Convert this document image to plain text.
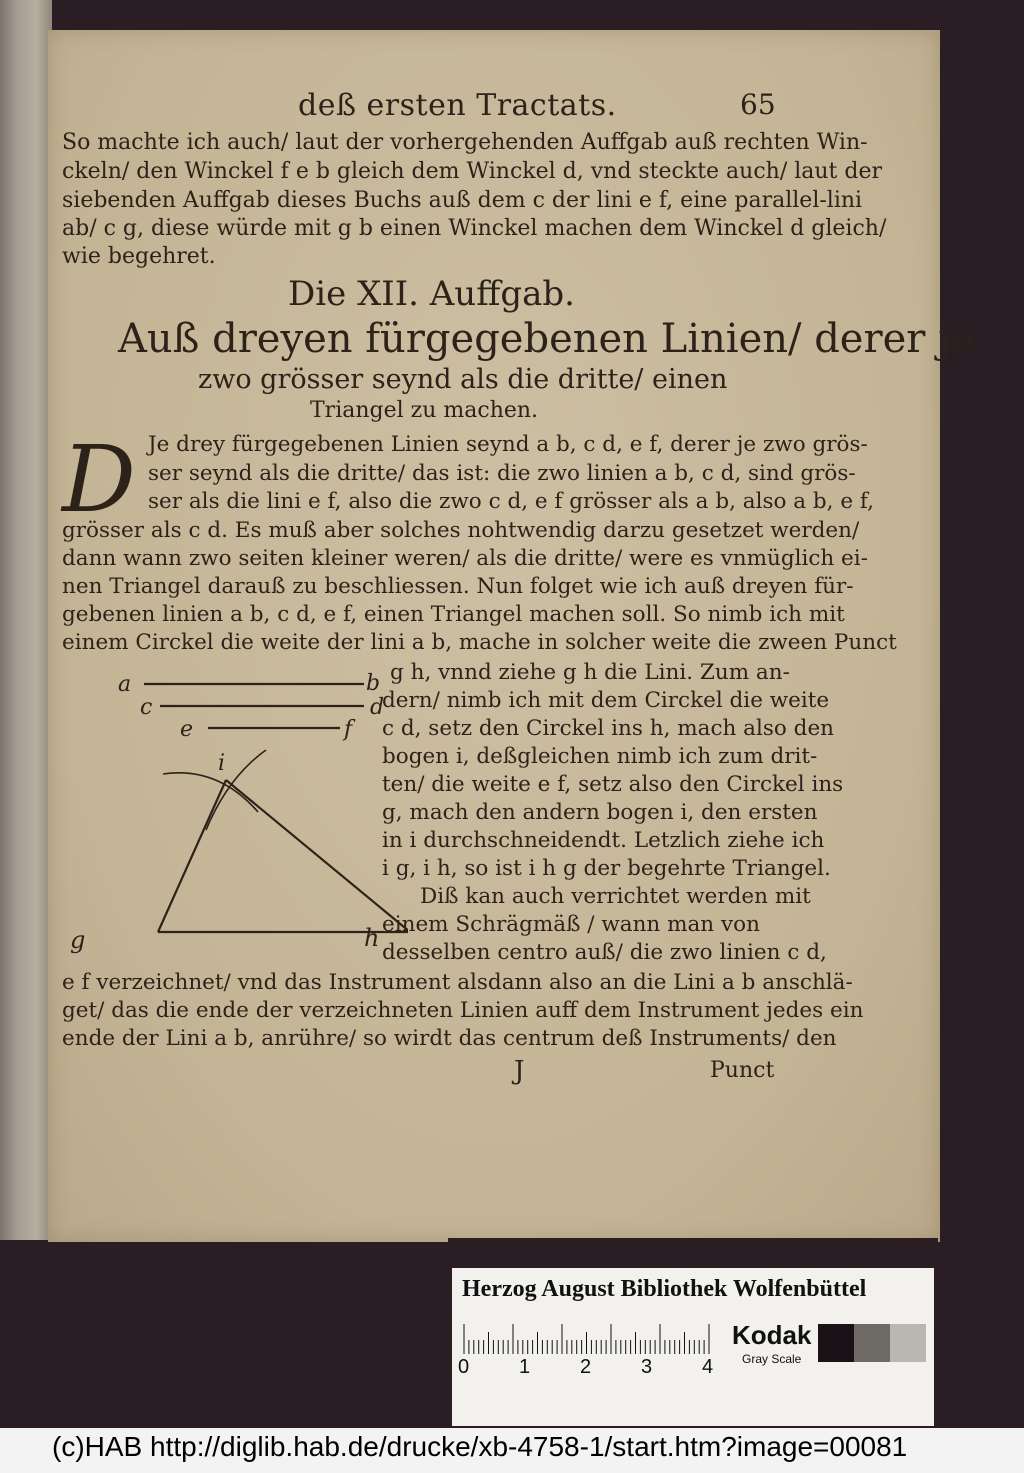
deß ersten Tractats.	65
So machte ich auch/ laut der vorhergehenden Auffgab auß rechten Win-
ckeln/ den Winckel f e b gleich dem Winckel d, vnd steckte auch/ laut der
siebenden Auffgab dieses Buchs auß dem c der lini e f, eine parallel-lini
ab/ c g, diese würde mit g b einen Winckel machen dem Winckel d gleich/
wie begehret.
Die XII. Auffgab.
Auß dreyen fürgegebenen Linien/ derer je
zwo grösser seynd als die dritte/ einen
Triangel zu machen.
D Je drey fürgegebenen Linien seynd a b, c d, e f, derer je zwo grös-
ser seynd als die dritte/ das ist: die zwo linien a b, c d, sind grös-
ser als die lini e f, also die zwo c d, e f grösser als a b, also a b, e f,
grösser als c d. Es muß aber solches nohtwendig darzu gesetzet werden/
dann wann zwo seiten kleiner weren/ als die dritte/ were es vnmüglich ei-
nen Triangel darauß zu beschliessen. Nun folget wie ich auß dreyen für-
gebenen linien a b, c d, e f, einen Triangel machen soll. So nimb ich mit
einem Circkel die weite der lini a b, mache in solcher weite die zween Punct
g h, vnnd ziehe g h die Lini. Zum an-
dern/ nimb ich mit dem Circkel die weite
c d, setz den Circkel ins h, mach also den
bogen i, deßgleichen nimb ich zum drit-
ten/ die weite e f, setz also den Circkel ins
g, mach den andern bogen i, den ersten
in i durchschneidendt. Letzlich ziehe ich
i g, i h, so ist i h g der begehrte Triangel.
Diß kan auch verrichtet werden mit
einem Schrägmäß / wann man von
desselben centro auß/ die zwo linien c d,
e f verzeichnet/ vnd das Instrument alsdann also an die Lini a b anschlä-
get/ das die ende der verzeichneten Linien auff dem Instrument jedes ein
ende der Lini a b, anrühre/ so wirdt das centrum deß Instruments/ den
J	Punct
a	b
c	d
e	f
i
g	h
Herzog August Bibliothek Wolfenbüttel
0 1 2 3 4
Kodak
Gray Scale
(c)HAB http://diglib.hab.de/drucke/xb-4758-1/start.htm?image=00081
